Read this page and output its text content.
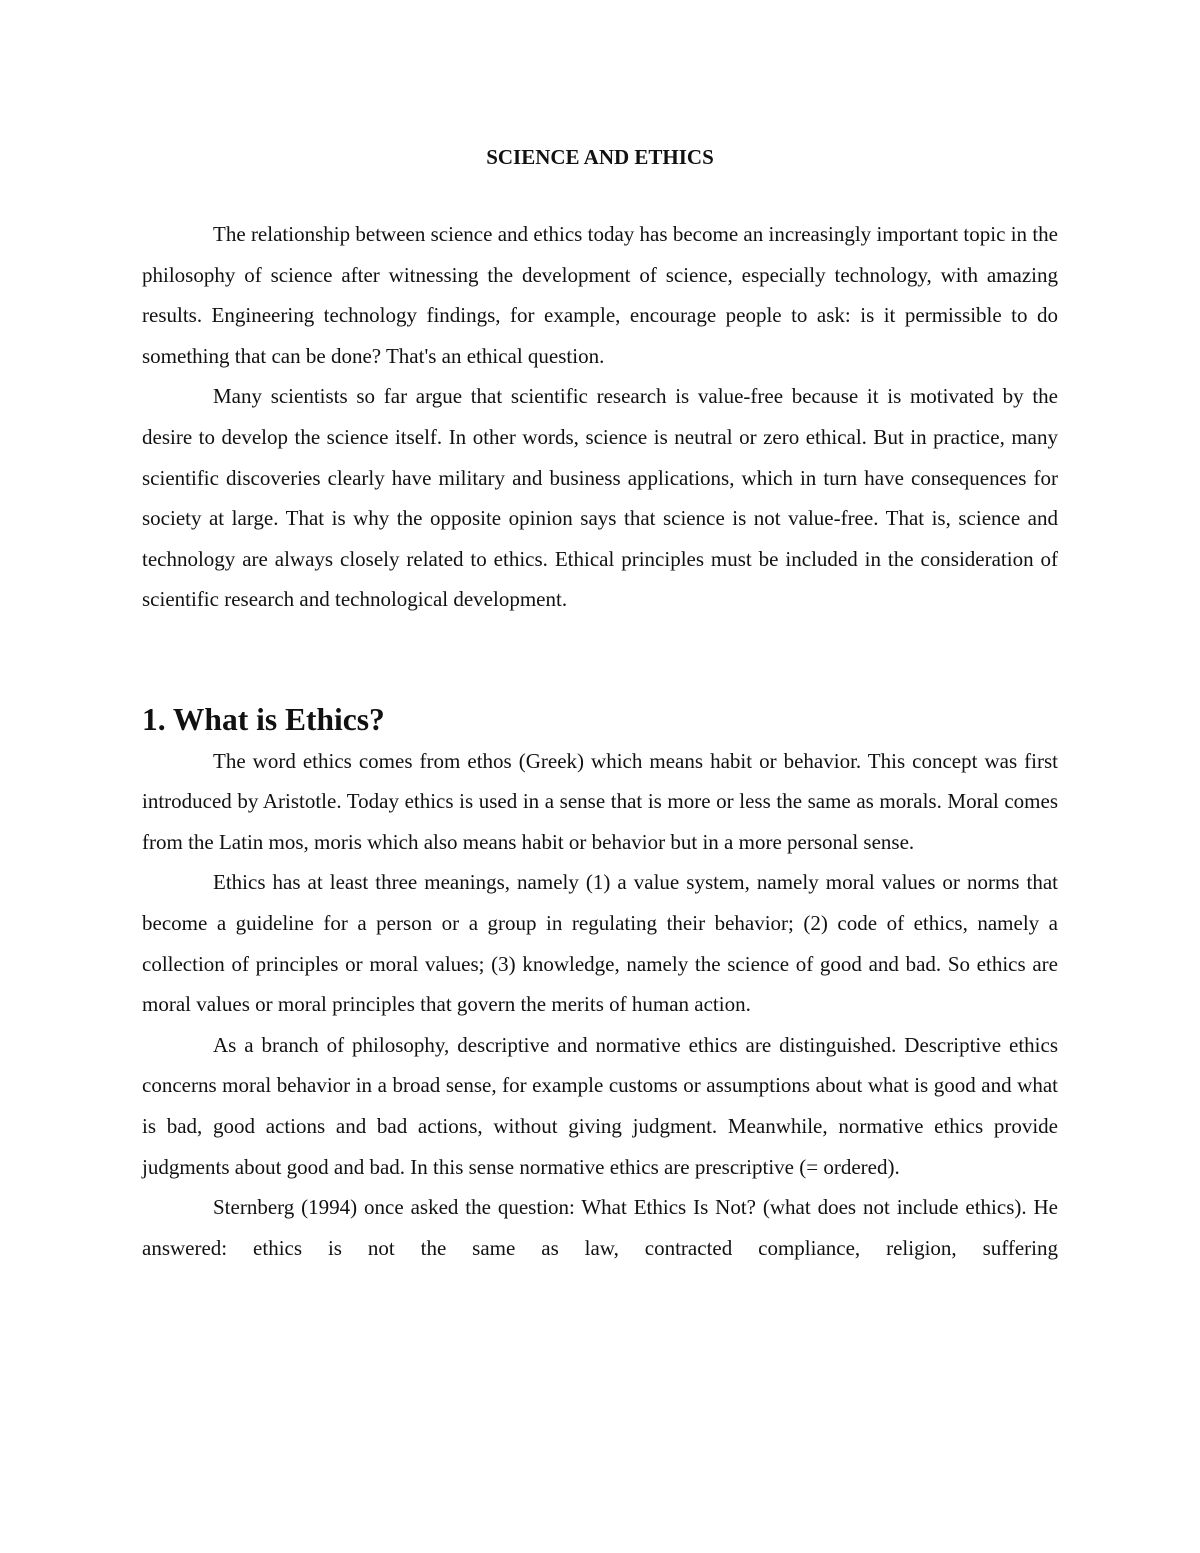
SCIENCE AND ETHICS

The relationship between science and ethics today has become an increasingly important topic in the philosophy of science after witnessing the development of science, especially technology, with amazing results. Engineering technology findings, for example, encourage people to ask: is it permissible to do something that can be done? That's an ethical question.

Many scientists so far argue that scientific research is value-free because it is motivated by the desire to develop the science itself. In other words, science is neutral or zero ethical. But in practice, many scientific discoveries clearly have military and business applications, which in turn have consequences for society at large. That is why the opposite opinion says that science is not value-free. That is, science and technology are always closely related to ethics. Ethical principles must be included in the consideration of scientific research and technological development.

1. What is Ethics?

The word ethics comes from ethos (Greek) which means habit or behavior. This concept was first introduced by Aristotle. Today ethics is used in a sense that is more or less the same as morals. Moral comes from the Latin mos, moris which also means habit or behavior but in a more personal sense.

Ethics has at least three meanings, namely (1) a value system, namely moral values or norms that become a guideline for a person or a group in regulating their behavior; (2) code of ethics, namely a collection of principles or moral values; (3) knowledge, namely the science of good and bad. So ethics are moral values or moral principles that govern the merits of human action.

As a branch of philosophy, descriptive and normative ethics are distinguished. Descriptive ethics concerns moral behavior in a broad sense, for example customs or assumptions about what is good and what is bad, good actions and bad actions, without giving judgment. Meanwhile, normative ethics provide judgments about good and bad. In this sense normative ethics are prescriptive (= ordered).

Sternberg (1994) once asked the question: What Ethics Is Not? (what does not include ethics). He answered: ethics is not the same as law, contracted compliance, religion, suffering
